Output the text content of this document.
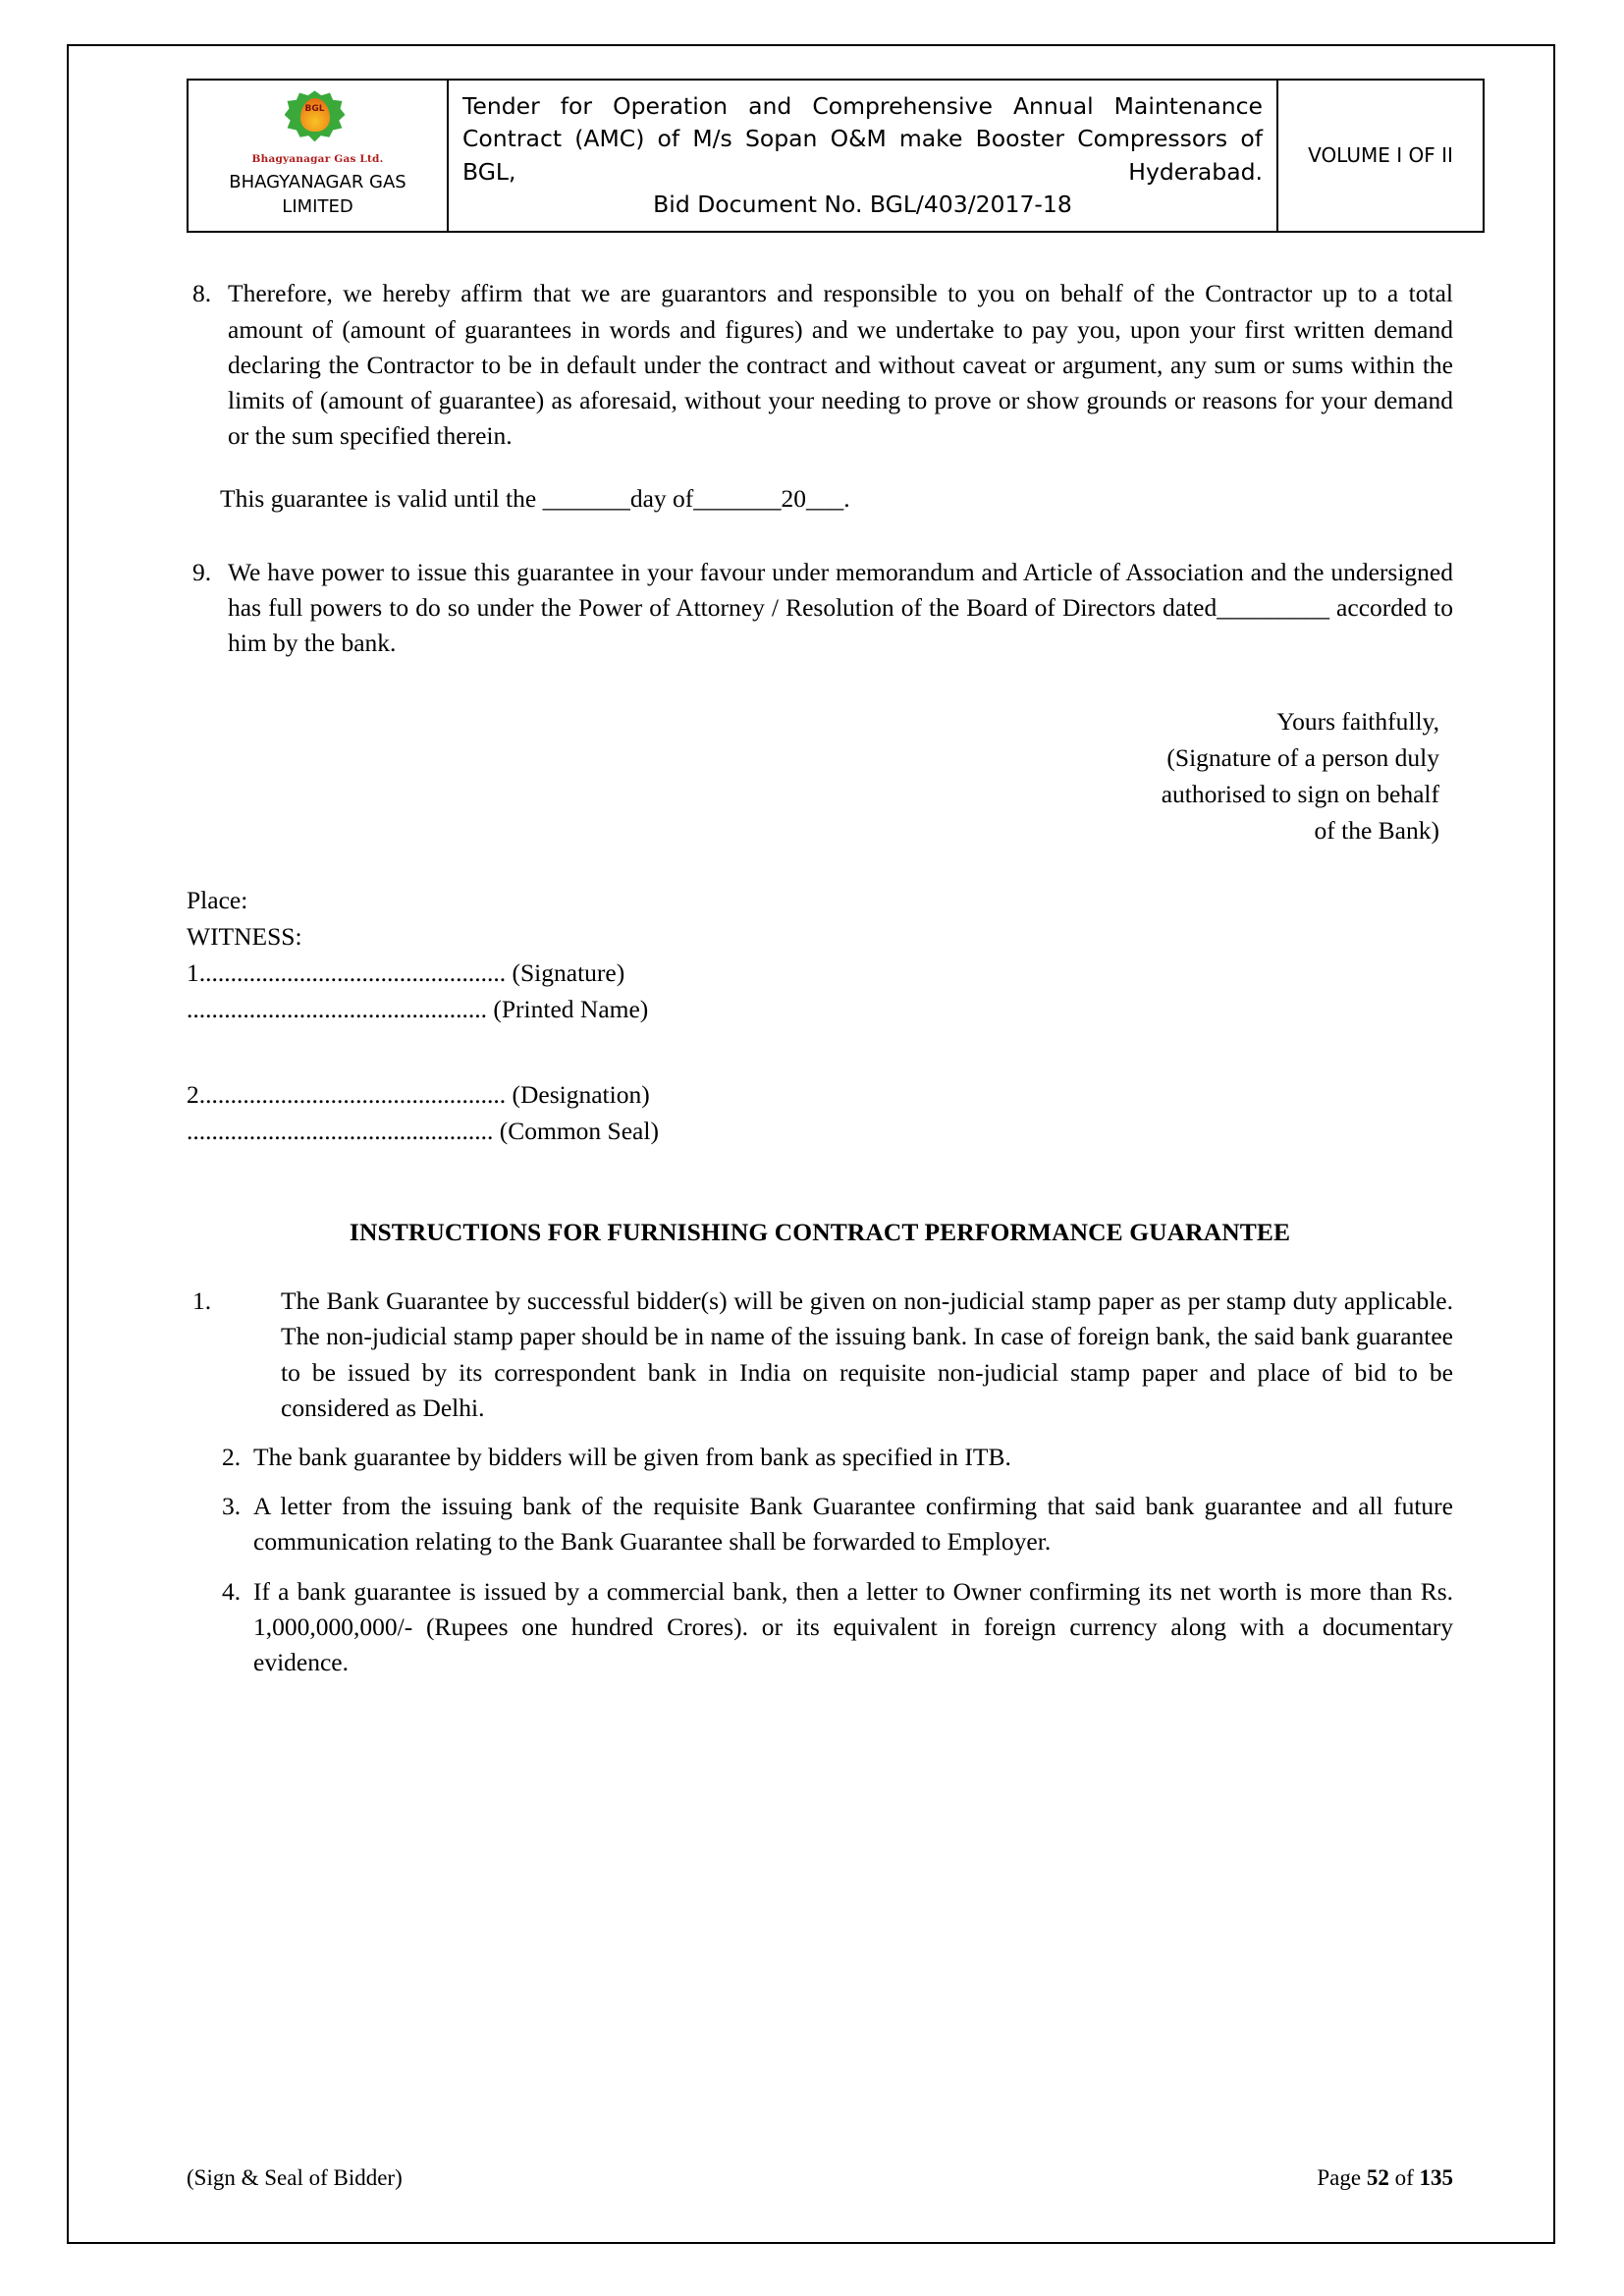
BGL
Bhagyanagar Gas Ltd.
BHAGYANAGAR GAS LIMITED

Tender for Operation and Comprehensive Annual Maintenance Contract (AMC) of M/s Sopan O&M make Booster Compressors of BGL, Hyderabad.
Bid Document No. BGL/403/2017-18
	VOLUME I OF II
8. Therefore, we hereby affirm that we are guarantors and responsible to you on behalf of the Contractor up to a total amount of (amount of guarantees in words and figures) and we undertake to pay you, upon your first written demand declaring the Contractor to be in default under the contract and without caveat or argument, any sum or sums within the limits of (amount of guarantee) as aforesaid, without your needing to prove or show grounds or reasons for your demand or the sum specified therein.
This guarantee is valid until the _______day of_______20___.
9. We have power to issue this guarantee in your favour under memorandum and Article of Association and the undersigned has full powers to do so under the Power of Attorney / Resolution of the Board of Directors dated_________ accorded to him by the bank.
Yours faithfully,
(Signature of a person duly
authorised to sign on behalf
of the Bank)
Place:
WITNESS:
1................................................. (Signature)
................................................ (Printed Name)
2................................................. (Designation)
................................................. (Common Seal)
INSTRUCTIONS FOR FURNISHING CONTRACT PERFORMANCE GUARANTEE
1.	The Bank Guarantee by successful bidder(s) will be given on non-judicial stamp paper as per stamp duty applicable. The non-judicial stamp paper should be in name of the issuing bank. In case of foreign bank, the said bank guarantee to be issued by its correspondent bank in India on requisite non-judicial stamp paper and place of bid to be considered as Delhi.
2. The bank guarantee by bidders will be given from bank as specified in ITB.
3. A letter from the issuing bank of the requisite Bank Guarantee confirming that said bank guarantee and all future communication relating to the Bank Guarantee shall be forwarded to Employer.
4. If a bank guarantee is issued by a commercial bank, then a letter to Owner confirming its net worth is more than Rs. 1,000,000,000/- (Rupees one hundred Crores). or its equivalent in foreign currency along with a documentary evidence.
(Sign & Seal of Bidder)	Page 52 of 135
